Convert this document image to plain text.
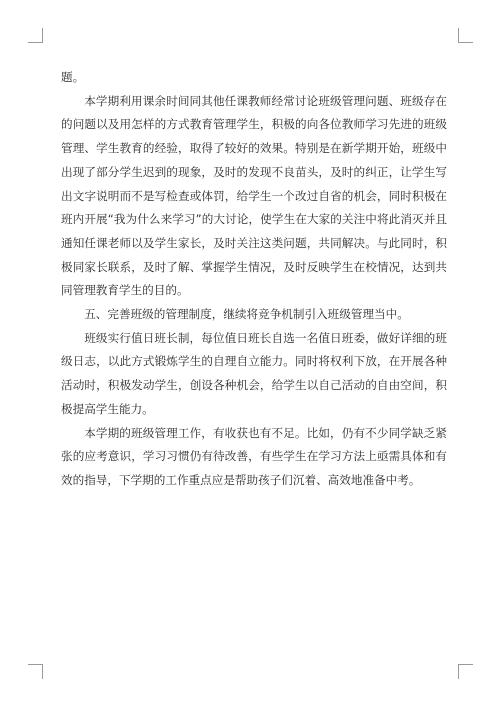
题。

本学期利用课余时间同其他任课教师经常讨论班级管理问题、班级存在的问题以及用怎样的方式教育管理学生，积极的向各位教师学习先进的班级管理、学生教育的经验，取得了较好的效果。特别是在新学期开始，班级中出现了部分学生迟到的现象，及时的发现不良苗头，及时的纠正，让学生写出文字说明而不是写检查或体罚，给学生一个改过自省的机会，同时积极在班内开展“我为什么来学习”的大讨论，使学生在大家的关注中将此消灭并且通知任课老师以及学生家长，及时关注这类问题，共同解决。与此同时，积极同家长联系，及时了解、掌握学生情况，及时反映学生在校情况，达到共同管理教育学生的目的。

五、完善班级的管理制度，继续将竞争机制引入班级管理当中。

班级实行值日班长制，每位值日班长自选一名值日班委，做好详细的班级日志，以此方式锻炼学生的自理自立能力。同时将权利下放，在开展各种活动时，积极发动学生，创设各种机会，给学生以自己活动的自由空间，积极提高学生能力。

本学期的班级管理工作，有收获也有不足。比如，仍有不少同学缺乏紧张的应考意识，学习习惯仍有待改善，有些学生在学习方法上亟需具体和有效的指导，下学期的工作重点应是帮助孩子们沉着、高效地准备中考。
